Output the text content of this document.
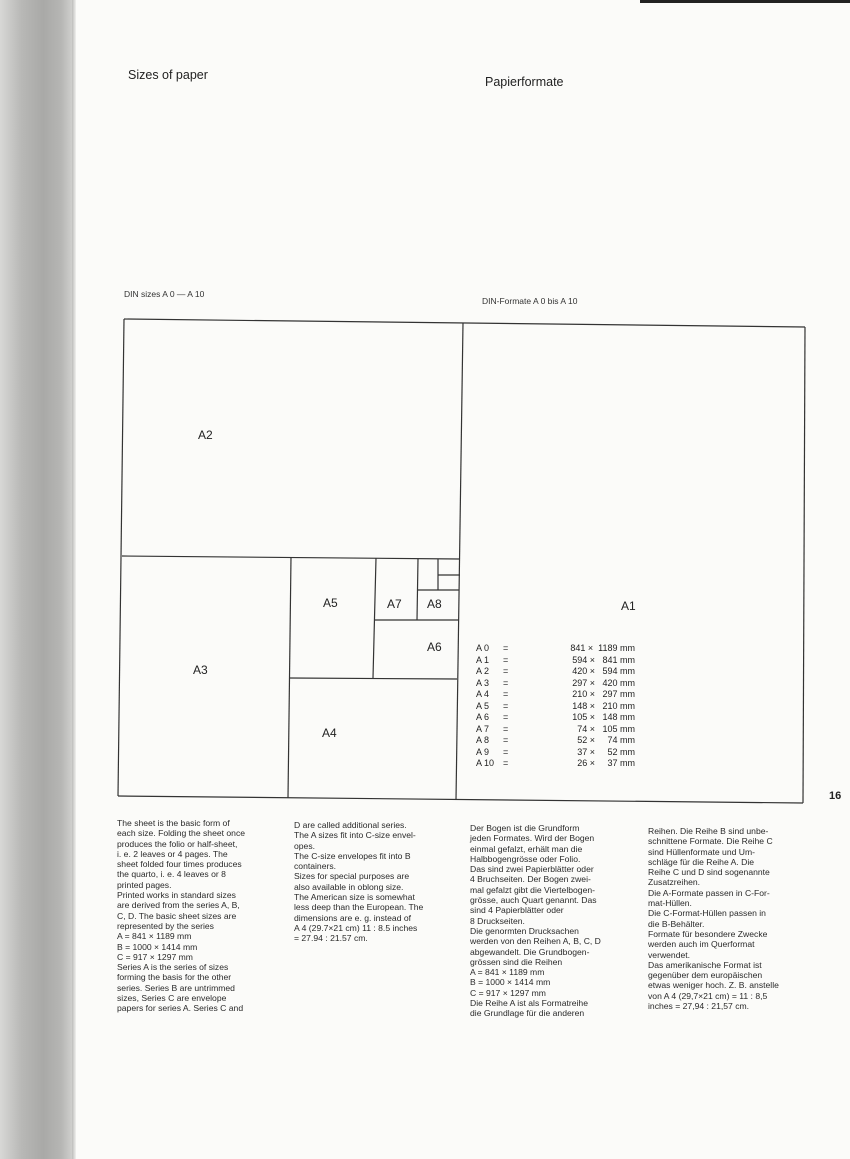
Sizes of paper	Papierformate
DIN sizes A 0 — A 10
DIN-Formate A 0 bis A 10
A2
A1
A3
A4
A5
A6
A7 A8
A 0	=	841 ×  1189 mm
A 1	=	594 ×   841 mm
A 2	=	420 ×   594 mm
A 3	=	297 ×   420 mm
A 4	=	210 ×   297 mm
A 5	=	148 ×   210 mm
A 6	=	105 ×   148 mm
A 7	=	74 ×   105 mm
A 8	=	52 ×     74 mm
A 9	=	37 ×     52 mm
A 10 =	26 ×     37 mm
16

The sheet is the basic form of

each size. Folding the sheet once

produces the folio or half-sheet,

i. e. 2 leaves or 4 pages. The

sheet folded four times produces

the quarto, i. e. 4 leaves or 8

printed pages.

Printed works in standard sizes

are derived from the series A, B,

C, D. The basic sheet sizes are

represented by the series

A = 841 × 1189 mm

B = 1000 × 1414 mm

C = 917 × 1297 mm

Series A is the series of sizes

forming the basis for the other

series. Series B are untrimmed

sizes, Series C are envelope

papers for series A. Series C and

D are called additional series.

The A sizes fit into C-size envel-

opes.

The C-size envelopes fit into B

containers.

Sizes for special purposes are

also available in oblong size.

The American size is somewhat

less deep than the European. The

dimensions are e. g. instead of

A 4 (29.7×21 cm) 11 : 8.5 inches

= 27.94 : 21.57 cm.

Der Bogen ist die Grundform

jeden Formates. Wird der Bogen

einmal gefalzt, erhält man die

Halbbogengrösse oder Folio.

Das sind zwei Papierblätter oder

4 Bruchseiten. Der Bogen zwei-

mal gefalzt gibt die Viertelbogen-

grösse, auch Quart genannt. Das

sind 4 Papierblätter oder

8 Druckseiten.

Die genormten Drucksachen

werden von den Reihen A, B, C, D

abgewandelt. Die Grundbogen-

grössen sind die Reihen

A = 841 × 1189 mm

B = 1000 × 1414 mm

C = 917 × 1297 mm

Die Reihe A ist als Formatreihe

die Grundlage für die anderen

Reihen. Die Reihe B sind unbe-

schnittene Formate. Die Reihe C

sind Hüllenformate und Um-

schläge für die Reihe A. Die

Reihe C und D sind sogenannte

Zusatzreihen.

Die A-Formate passen in C-For-

mat-Hüllen.

Die C-Format-Hüllen passen in

die B-Behälter.

Formate für besondere Zwecke

werden auch im Querformat

verwendet.

Das amerikanische Format ist

gegenüber dem europäischen

etwas weniger hoch. Z. B. anstelle

von A 4 (29,7×21 cm) = 11 : 8,5

inches = 27,94 : 21,57 cm.
